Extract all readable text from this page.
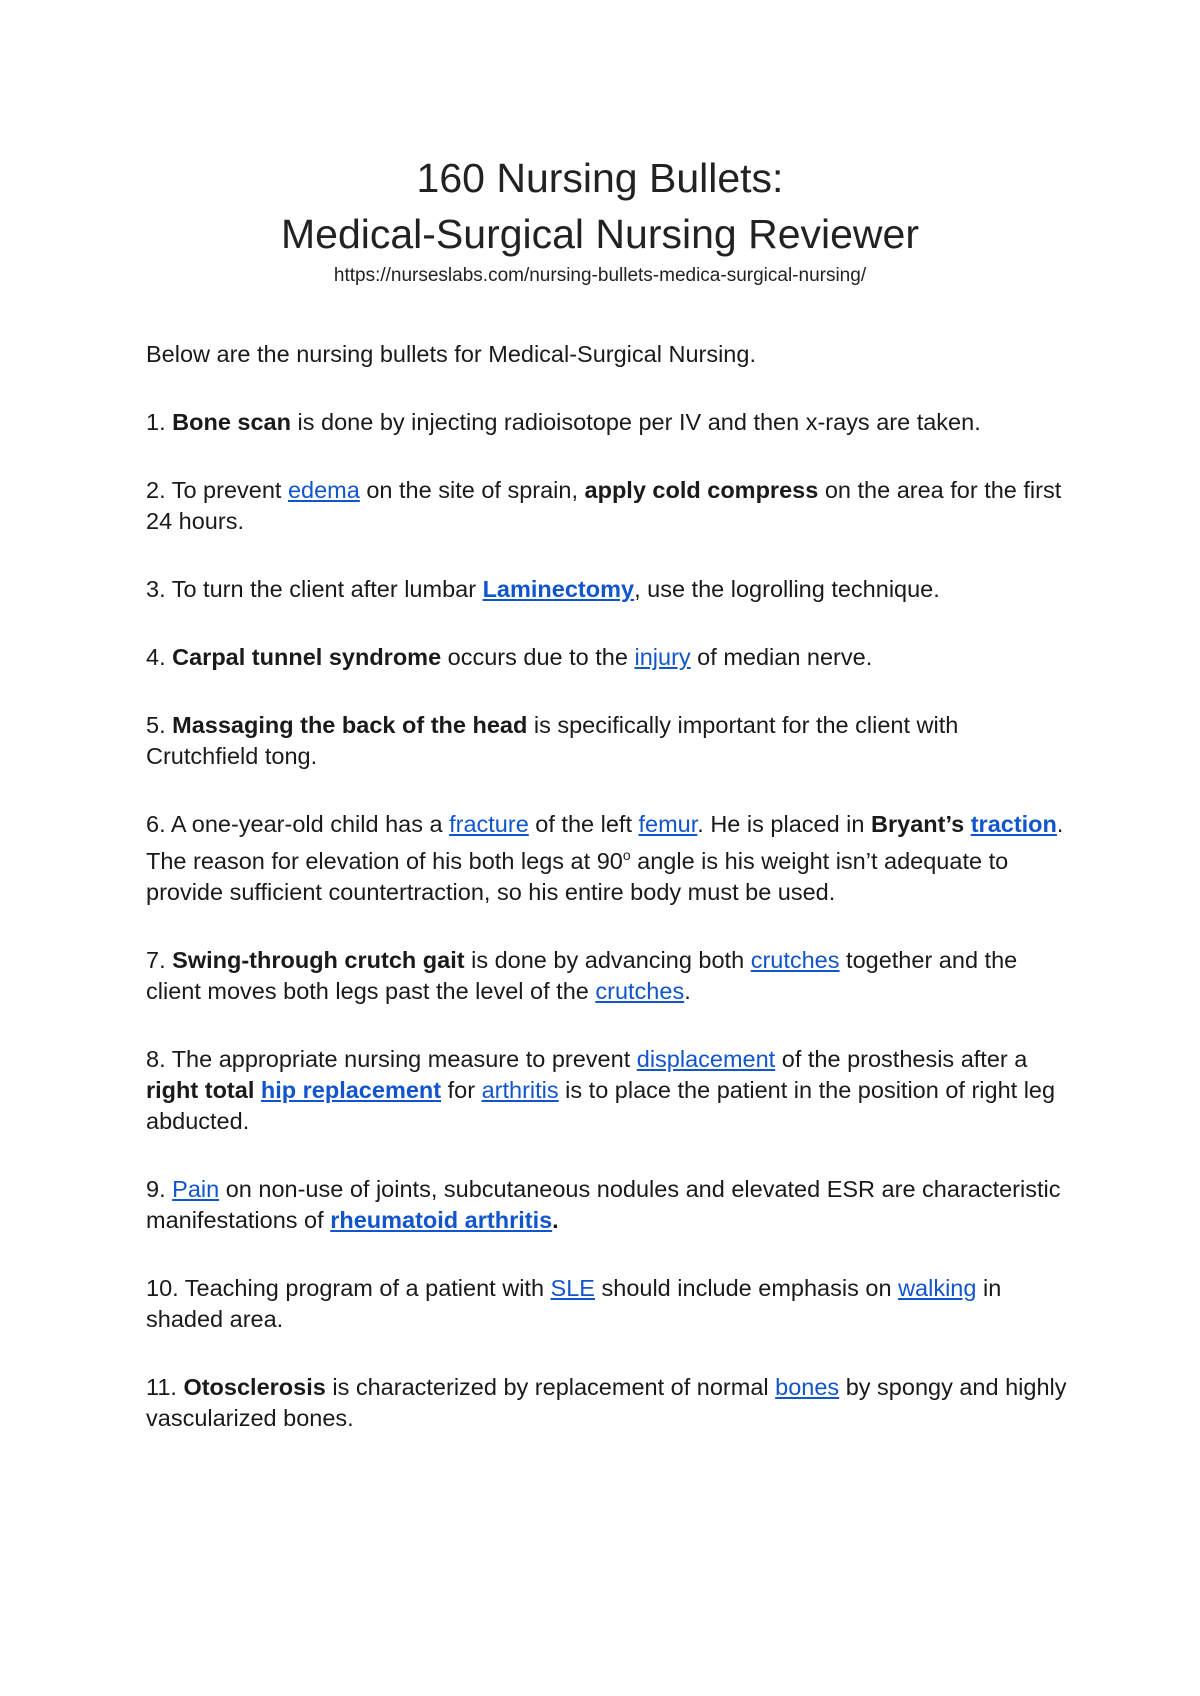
160 Nursing Bullets:
Medical-Surgical Nursing Reviewer
https://nurseslabs.com/nursing-bullets-medica-surgical-nursing/

Below are the nursing bullets for Medical-Surgical Nursing.

1. Bone scan is done by injecting radioisotope per IV and then x-rays are taken.

2. To prevent edema on the site of sprain, apply cold compress on the area for the first 24 hours.

3. To turn the client after lumbar Laminectomy, use the logrolling technique.

4. Carpal tunnel syndrome occurs due to the injury of median nerve.

5. Massaging the back of the head is specifically important for the client with Crutchfield tong.

6. A one-year-old child has a fracture of the left femur. He is placed in Bryant’s traction. The reason for elevation of his both legs at 90$^o$ angle is his weight isn’t adequate to provide sufficient countertraction, so his entire body must be used.

7. Swing-through crutch gait is done by advancing both crutches together and the client moves both legs past the level of the crutches.

8. The appropriate nursing measure to prevent displacement of the prosthesis after a right total hip replacement for arthritis is to place the patient in the position of right leg abducted.

9. Pain on non-use of joints, subcutaneous nodules and elevated ESR are characteristic manifestations of rheumatoid arthritis.

10. Teaching program of a patient with SLE should include emphasis on walking in shaded area.

11. Otosclerosis is characterized by replacement of normal bones by spongy and highly vascularized bones.
